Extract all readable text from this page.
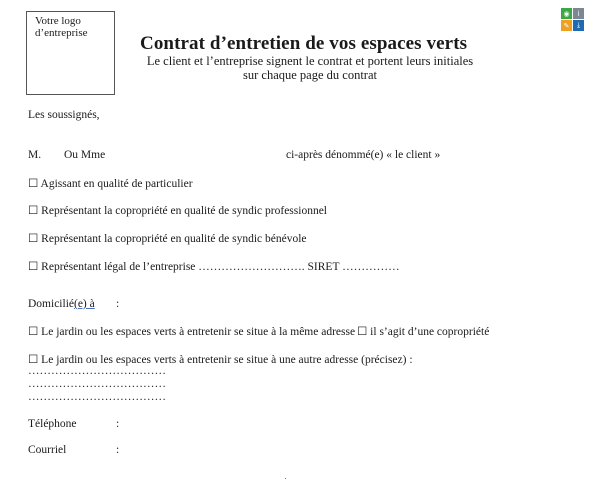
Votre logo
d’entreprise	Contrat d’entretien de vos espaces verts
Le client et l’entreprise signent le contrat et portent leurs initiales
sur chaque page du contrat
◉	i
✎	⤓
Les soussignés,
M. Ou Mme	ci-après dénommé(e) « le client »
☐ Agissant en qualité de particulier
☐ Représentant la copropriété en qualité de syndic professionnel
☐ Représentant la copropriété en qualité de syndic bénévole
☐ Représentant légal de l’entreprise ………………………. SIRET ……………
Domicilié(e) à :
☐ Le jardin ou les espaces verts à entretenir se situe à la même adresse ☐ il s’agit d’une copropriété
☐ Le jardin ou les espaces verts à entretenir se situe à une autre adresse (précisez) :
………………………………
………………………………
………………………………
Téléphone	:
Courriel	:
